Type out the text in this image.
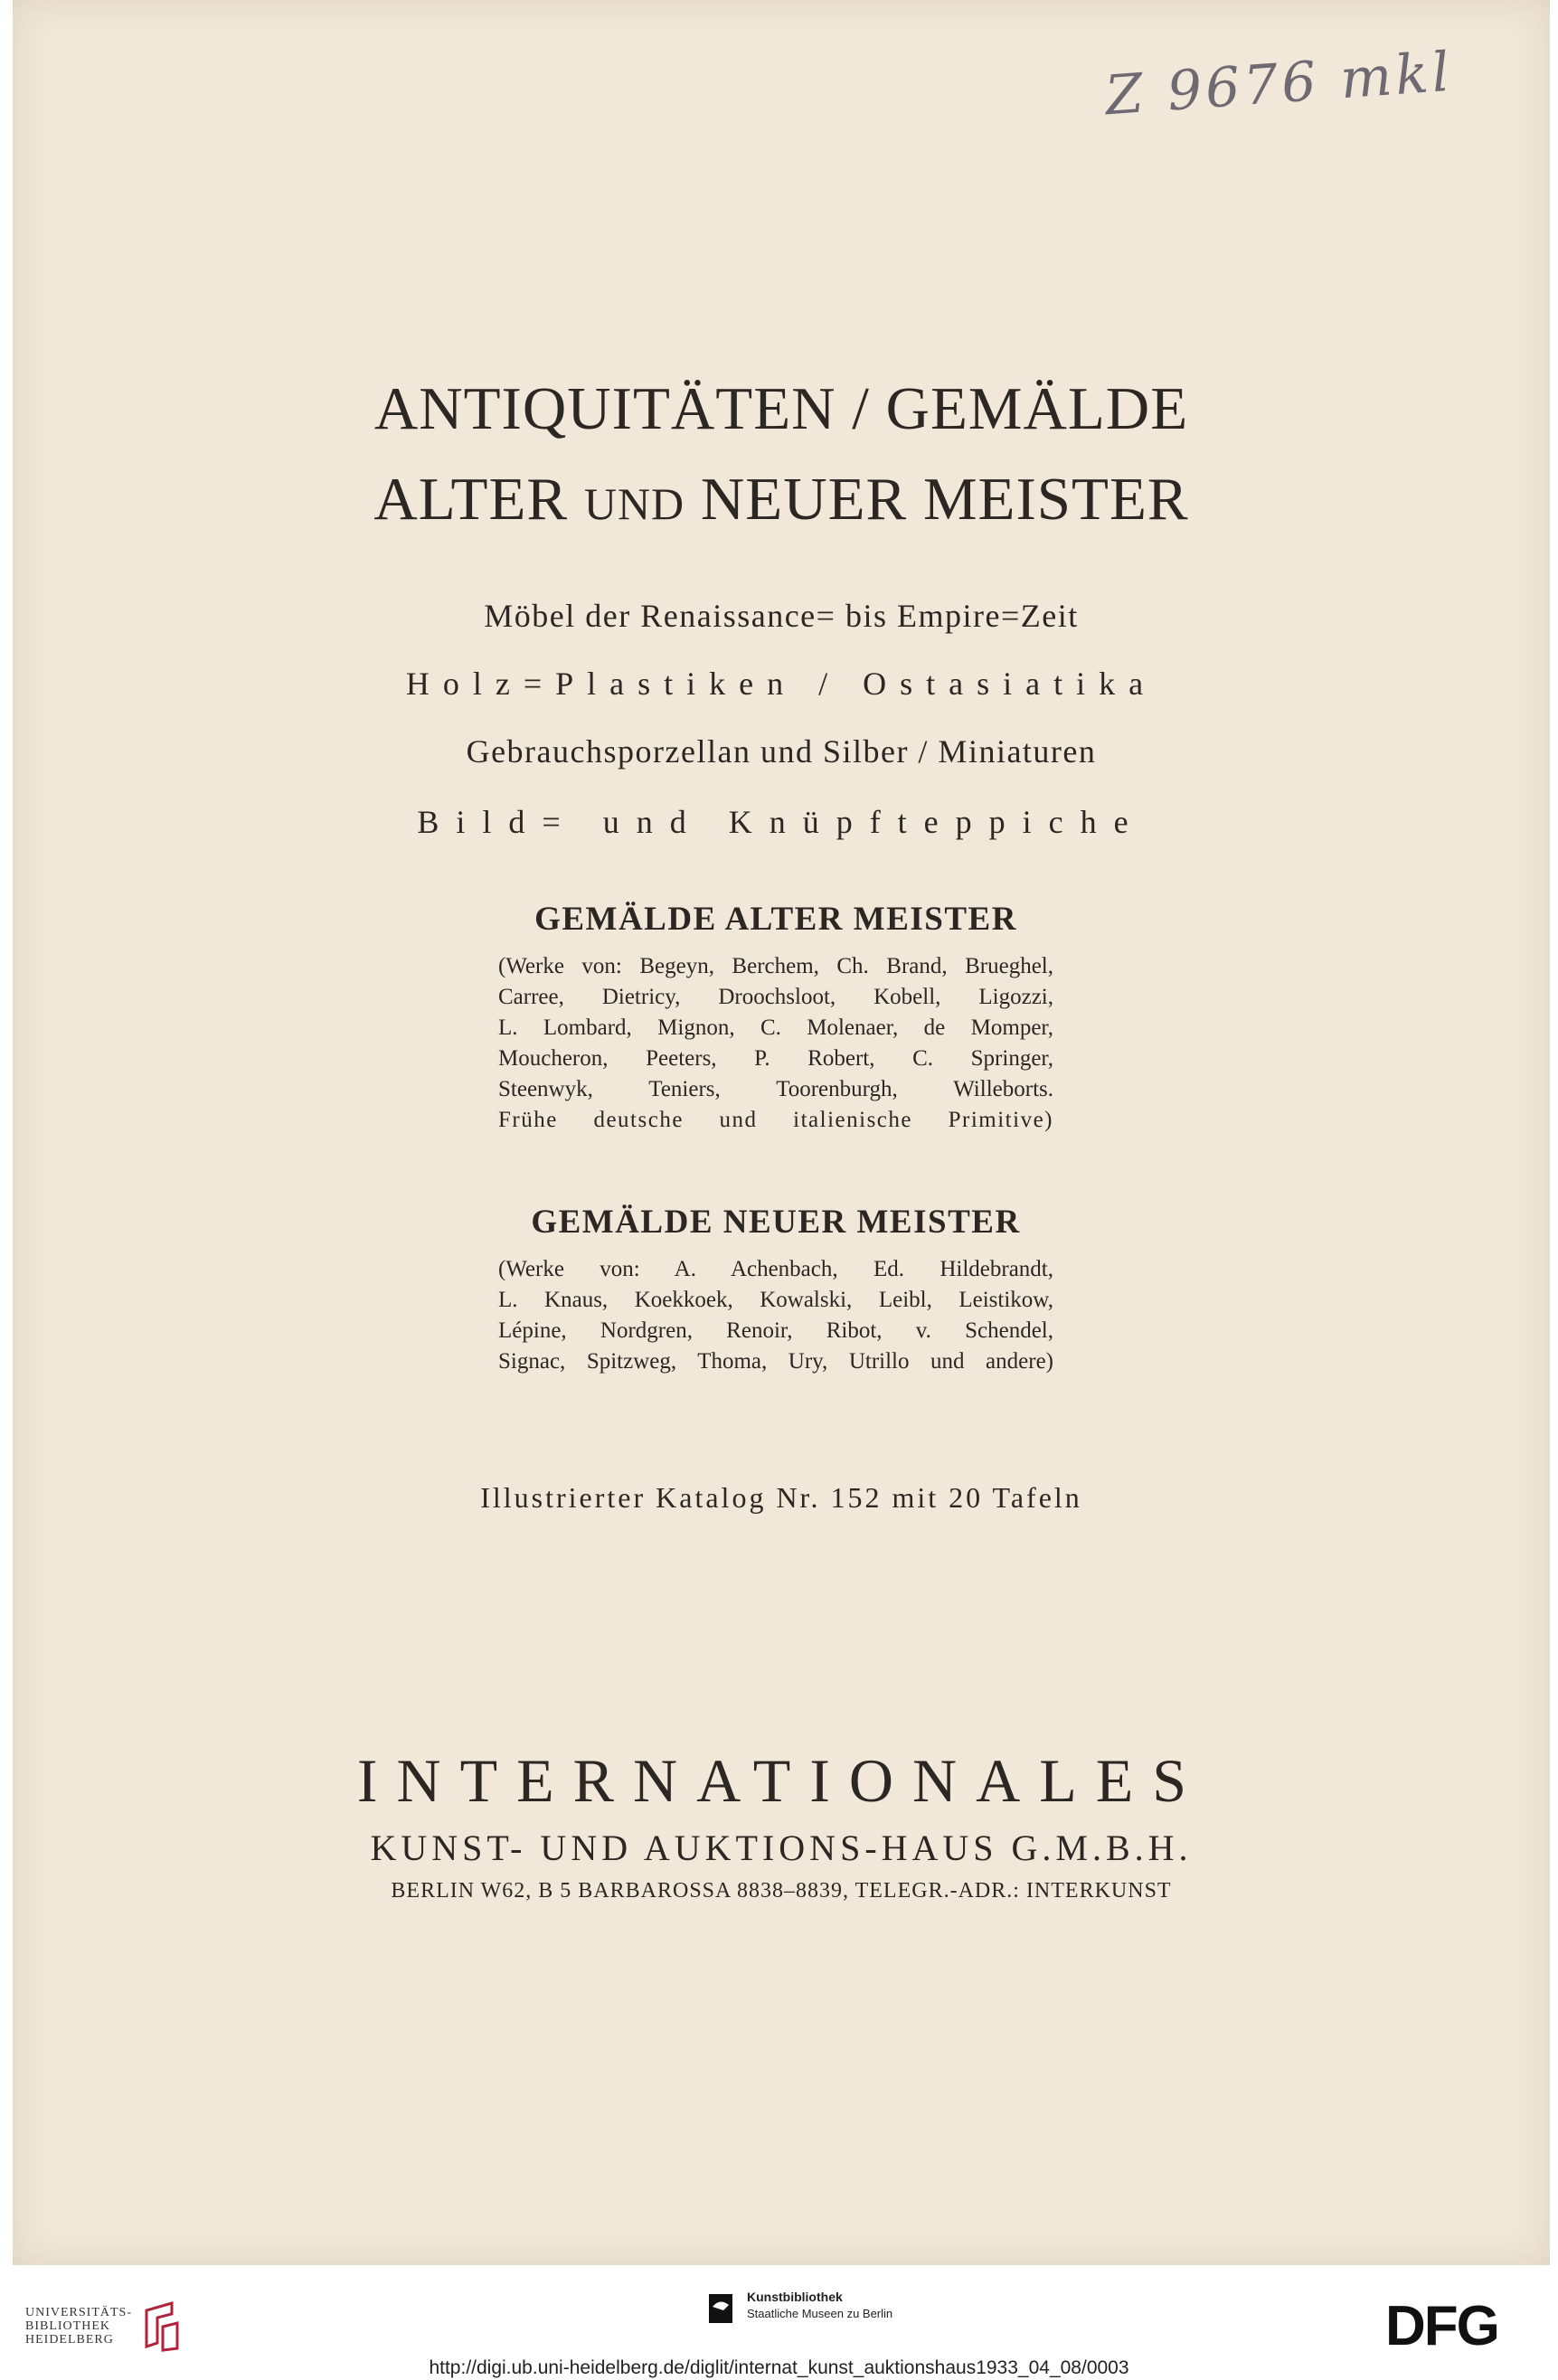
Z 9676 mkl
ANTIQUITÄTEN / GEMÄLDE
ALTER UND NEUER MEISTER
Möbel der Renaissance= bis Empire=Zeit
Holz=Plastiken / Ostasiatika
Gebrauchsporzellan und Silber / Miniaturen
Bild= und Knüpfteppiche
GEMÄLDE ALTER MEISTER
(Werke von: Begeyn, Berchem, Ch. Brand, Brueghel,
Carree, Dietricy, Droochsloot, Kobell, Ligozzi,
L. Lombard, Mignon, C. Molenaer, de Momper,
Moucheron, Peeters, P. Robert, C. Springer,
Steenwyk, Teniers, Toorenburgh, Willeborts.
Frühe deutsche und italienische Primitive)
GEMÄLDE NEUER MEISTER
(Werke von: A. Achenbach, Ed. Hildebrandt,
L. Knaus, Koekkoek, Kowalski, Leibl, Leistikow,
Lépine, Nordgren, Renoir, Ribot, v. Schendel,
Signac, Spitzweg, Thoma, Ury, Utrillo und andere)
Illustrierter Katalog Nr. 152 mit 20 Tafeln
INTERNATIONALES
KUNST- UND AUKTIONS-HAUS G.M.B.H.
BERLIN W62, B 5 BARBAROSSA 8838–8839, TELEGR.-ADR.: INTERKUNST
UNIVERSITÄTS-
BIBLIOTHEK
HEIDELBERG
Kunstbibliothek
Staatliche Museen zu Berlin	DFG
http://digi.ub.uni-heidelberg.de/diglit/internat_kunst_auktionshaus1933_04_08/0003
